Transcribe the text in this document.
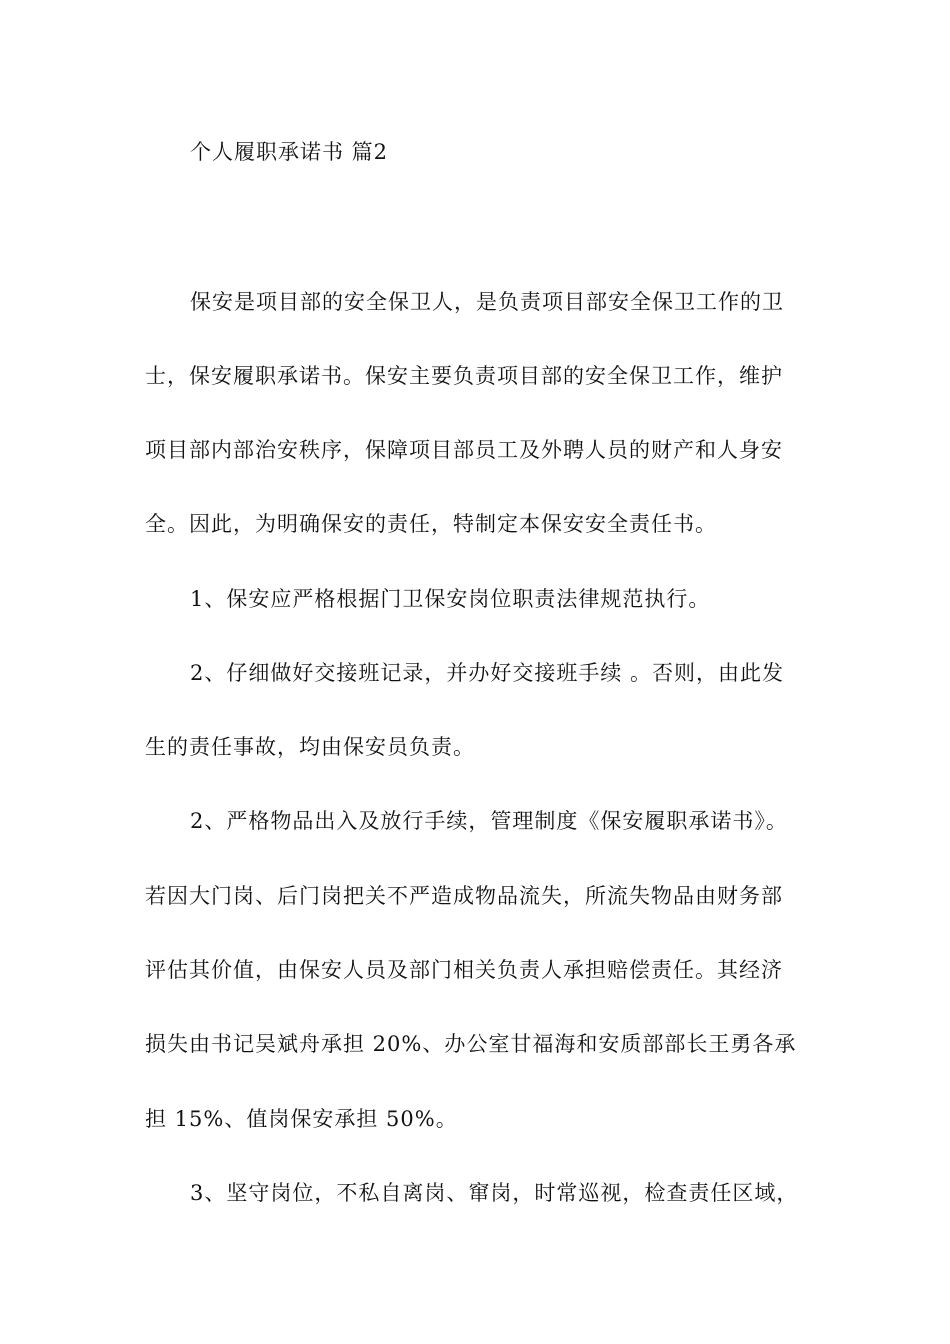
个人履职承诺书 篇2
保安是项目部的安全保卫人，是负责项目部安全保卫工作的卫
士，保安履职承诺书。保安主要负责项目部的安全保卫工作，维护
项目部内部治安秩序，保障项目部员工及外聘人员的财产和人身安
全。因此，为明确保安的责任，特制定本保安安全责任书。
1、保安应严格根据门卫保安岗位职责法律规范执行。
2、仔细做好交接班记录，并办好交接班手续 。否则，由此发
生的责任事故，均由保安员负责。
2、严格物品出入及放行手续，管理制度《保安履职承诺书》。
若因大门岗、后门岗把关不严造成物品流失，所流失物品由财务部
评估其价值，由保安人员及部门相关负责人承担赔偿责任。其经济
损失由书记吴斌舟承担 20%、办公室甘福海和安质部部长王勇各承
担 15%、值岗保安承担 50%。
3、坚守岗位，不私自离岗、窜岗，时常巡视，检查责任区域，
